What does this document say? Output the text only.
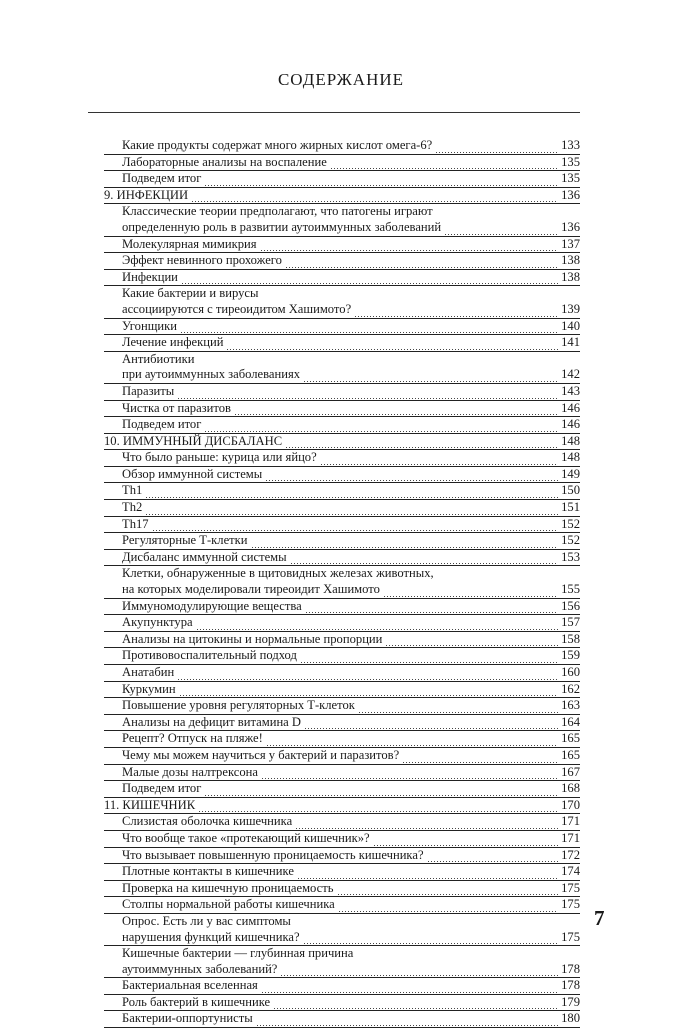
СОДЕРЖАНИЕ
Какие продукты содержат много жирных кислот омега-6?	133
Лабораторные анализы на воспаление	135
Подведем итог	135
9. ИНФЕКЦИИ	136
Классические теории предполагают, что патогены играют
определенную роль в развитии аутоиммунных заболеваний	136
Молекулярная мимикрия	137
Эффект невинного прохожего	138
Инфекции	138
Какие бактерии и вирусы
ассоциируются с тиреоидитом Хашимото?	139
Угонщики	140
Лечение инфекций	141
Антибиотики
при аутоиммунных заболеваниях	142
Паразиты	143
Чистка от паразитов	146
Подведем итог	146
10. ИММУННЫЙ ДИСБАЛАНС	148
Что было раньше: курица или яйцо?	148
Обзор иммунной системы	149
Th1	150
Th2	151
Th17	152
Регуляторные Т-клетки	152
Дисбаланс иммунной системы	153
Клетки, обнаруженные в щитовидных железах животных,
на которых моделировали тиреоидит Хашимото	155
Иммуномодулирующие вещества	156
Акупунктура	157
Анализы на цитокины и нормальные пропорции	158
Противовоспалительный подход	159
Анатабин	160
Куркумин	162
Повышение уровня регуляторных Т-клеток	163
Анализы на дефицит витамина D	164
Рецепт? Отпуск на пляже!	165
Чему мы можем научиться у бактерий и паразитов?	165
Малые дозы налтрексона	167
Подведем итог	168
11. КИШЕЧНИК	170
Слизистая оболочка кишечника	171
Что вообще такое «протекающий кишечник»?	171
Что вызывает повышенную проницаемость кишечника?	172
Плотные контакты в кишечнике	174
Проверка на кишечную проницаемость	175
Столпы нормальной работы кишечника	175
Опрос. Есть ли у вас симптомы
нарушения функций кишечника?	175
Кишечные бактерии — глубинная причина
аутоиммунных заболеваний?	178
Бактериальная вселенная	178
Роль бактерий в кишечнике	179
Бактерии-оппортунисты	180
7
